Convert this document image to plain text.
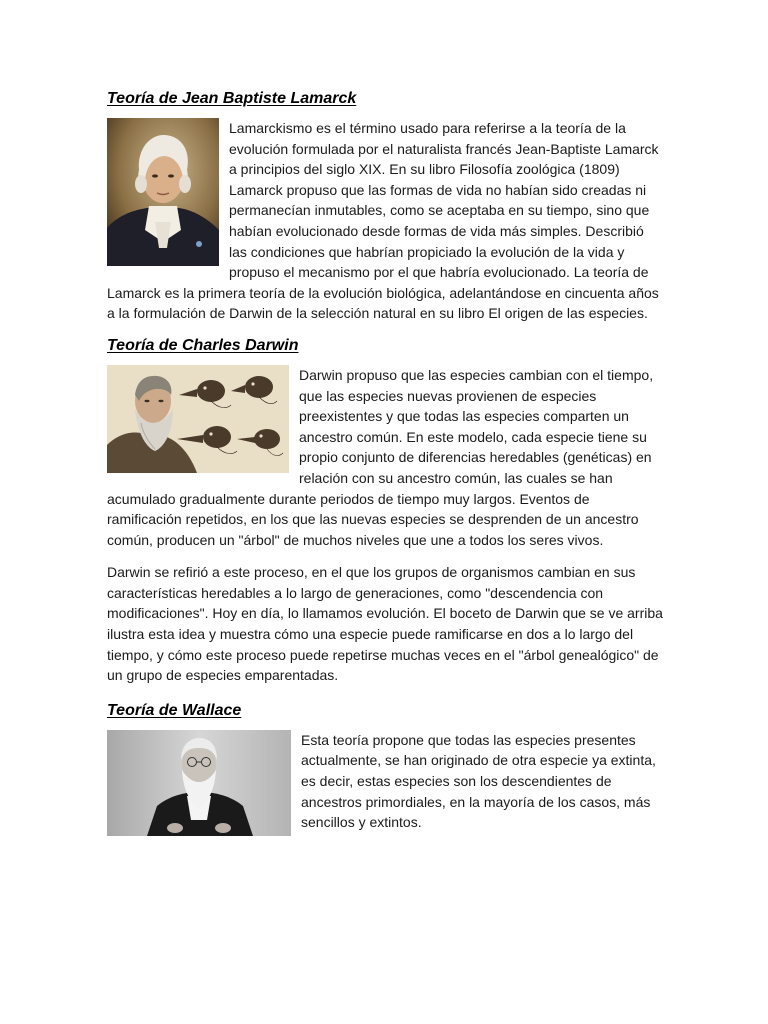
Teoría de Jean Baptiste Lamarck

Lamarckismo es el término usado para referirse a la teoría de la evolución formulada por el naturalista francés Jean-Baptiste Lamarck a principios del siglo XIX. En su libro Filosofía zoológica (1809) Lamarck propuso que las formas de vida no habían sido creadas ni permanecían inmutables, como se aceptaba en su tiempo, sino que habían evolucionado desde formas de vida más simples. Describió las condiciones que habrían propiciado la evolución de la vida y propuso el mecanismo por el que habría evolucionado. La teoría de Lamarck es la primera teoría de la evolución biológica, adelantándose en cincuenta años a la formulación de Darwin de la selección natural en su libro El origen de las especies.

Teoría de Charles Darwin

Darwin propuso que las especies cambian con el tiempo, que las especies nuevas provienen de especies preexistentes y que todas las especies comparten un ancestro común. En este modelo, cada especie tiene su propio conjunto de diferencias heredables (genéticas) en relación con su ancestro común, las cuales se han acumulado gradualmente durante periodos de tiempo muy largos. Eventos de ramificación repetidos, en los que las nuevas especies se desprenden de un ancestro común, producen un "árbol" de muchos niveles que une a todos los seres vivos.

Darwin se refirió a este proceso, en el que los grupos de organismos cambian en sus características heredables a lo largo de generaciones, como "descendencia con modificaciones". Hoy en día, lo llamamos evolución. El boceto de Darwin que se ve arriba ilustra esta idea y muestra cómo una especie puede ramificarse en dos a lo largo del tiempo, y cómo este proceso puede repetirse muchas veces en el "árbol genealógico" de un grupo de especies emparentadas.

Teoría de Wallace

Esta teoría propone que todas las especies presentes actualmente, se han originado de otra especie ya extinta, es decir, estas especies son los descendientes de ancestros primordiales, en la mayoría de los casos, más sencillos y extintos.
